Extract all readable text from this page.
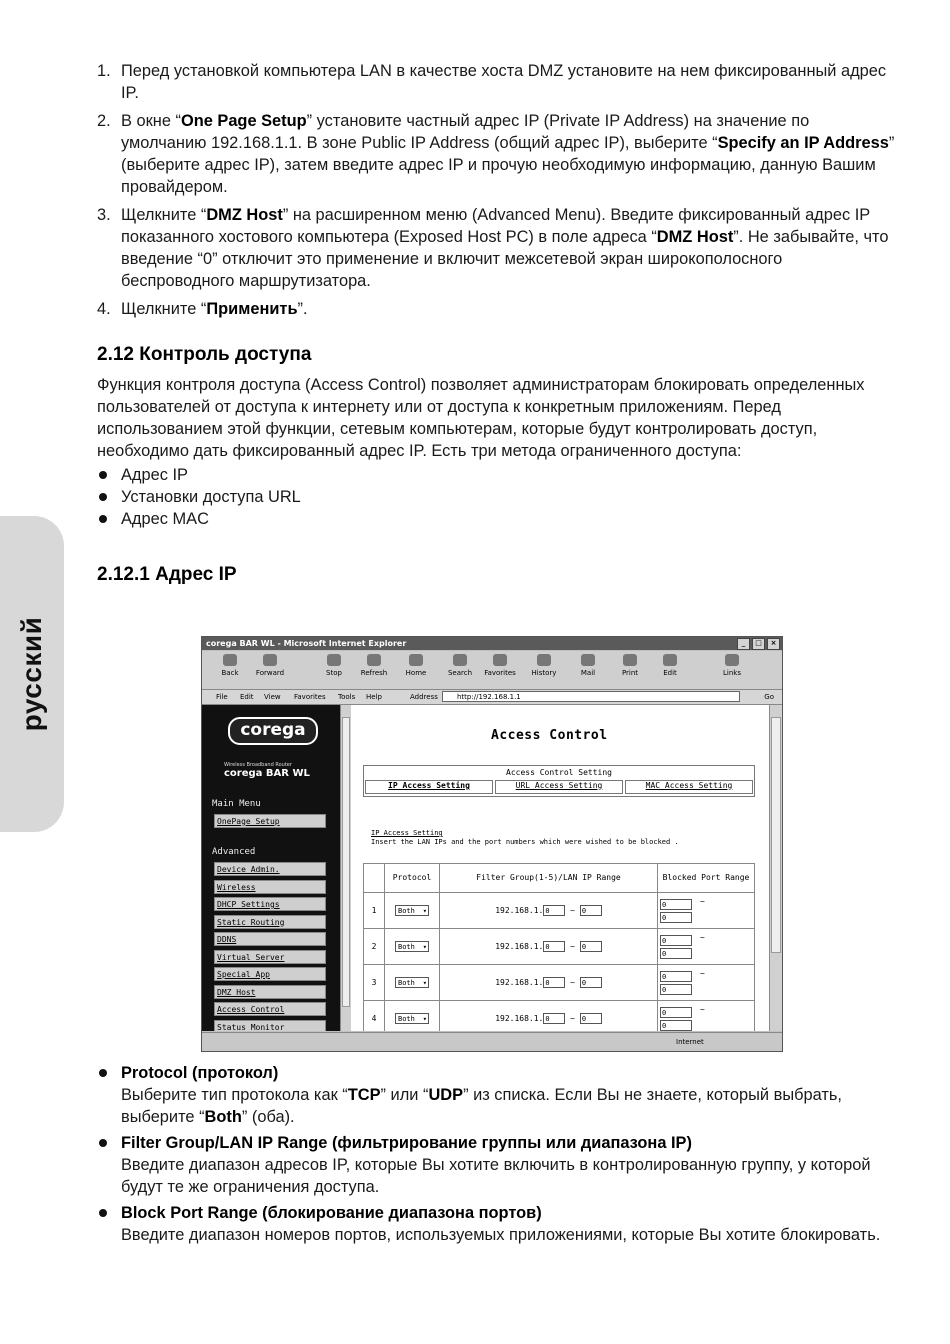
русский
1. Перед установкой компьютера LAN в качестве хоста DMZ установите на нем фиксированный адрес IP.
2. В окне “One Page Setup” установите частный адрес IP (Private IP Address) на значение по умолчанию 192.168.1.1. В зоне Public IP Address (общий адрес IP), выберите “Specify an IP Address” (выберите адрес IP), затем введите адрес IP и прочую необходимую информацию, данную Вашим провайдером.
3. Щелкните “DMZ Host” на расширенном меню (Advanced Menu). Введите фиксированный адрес IP показанного хостового компьютера (Exposed Host PC) в поле адреса “DMZ Host”. Не забывайте, что введение “0” отключит это применение и включит межсетевой экран широкополосного беспроводного маршрутизатора.
4. Щелкните “Применить”.
2.12 Контроль доступа

Функция контроля доступа (Access Control) позволяет администраторам блокировать определенных пользователей от доступа к интернету или от доступа к конкретным приложениям. Перед использованием этой функции, сетевым компьютерам, которые будут контролировать доступ, необходимо дать фиксированный адрес IP. Есть три метода ограниченного доступа:

Адрес IP
Установки доступа URL
Адрес MAC
2.12.1 Адрес IP
corega BAR WL - Microsoft Internet Explorer	_	□	×
Back	Forward	Stop	Refresh	Home	Search	Favorites	History	Mail	Print	Edit	Links
File Edit View Favorites Tools Help	Address	http://192.168.1.1	Go
corega
Wireless Broadband Router
corega BAR WL
Main Menu
OnePage Setup
Advanced
Device Admin.
Wireless
DHCP Settings
Static Routing
DDNS
Virtual Server
Special App
DMZ Host
Access Control
Status Monitor
Access Control
Access Control Setting
IP Access Setting	URL Access Setting	MAC Access Setting
IP Access Setting
Insert the LAN IPs and the port numbers which were wished to be blocked .
	Protocol	Filter Group(1-5)/LAN IP Range	Blocked Port Range
1	Both ▾	192.168.1. 0 ~ 0	0 ~
0

2	Both ▾	192.168.1. 0 ~ 0	0 ~
0

3	Both ▾	192.168.1. 0 ~ 0	0 ~
0

4	Both ▾	192.168.1. 0 ~ 0	0 ~
0
Internet
Protocol (протокол)
Выберите тип протокола как “TCP” или “UDP” из списка. Если Вы не знаете, который выбрать, выберите “Both” (оба).
Filter Group/LAN IP Range (фильтрирование группы или диапазона IP)
Введите диапазон адресов IP, которые Вы хотите включить в контролированную группу, у которой будут те же ограничения доступа.
Block Port Range (блокирование диапазона портов)
Введите диапазон номеров портов, используемых приложениями, которые Вы хотите блокировать.
